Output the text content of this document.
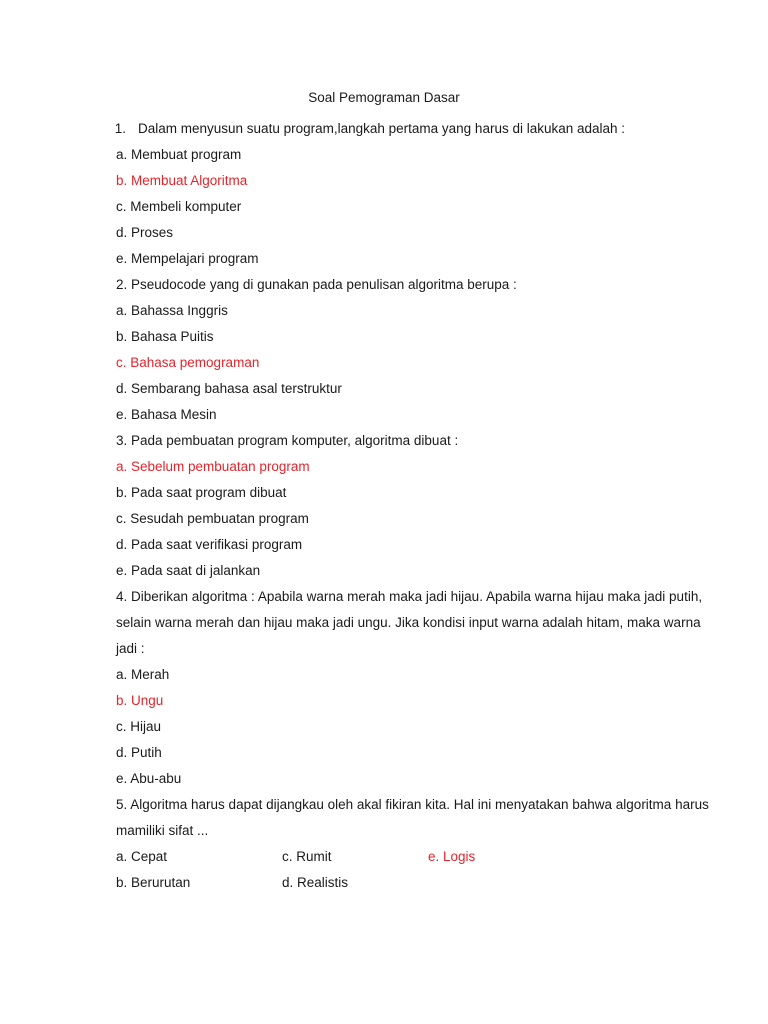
Soal Pemograman Dasar
1. Dalam menyusun suatu program,langkah pertama yang harus di lakukan adalah :
a. Membuat program
b. Membuat Algoritma
c. Membeli komputer
d. Proses
e. Mempelajari program
2. Pseudocode yang di gunakan pada penulisan algoritma berupa :
a. Bahassa Inggris
b. Bahasa Puitis
c. Bahasa pemograman
d. Sembarang bahasa asal terstruktur
e. Bahasa Mesin
3. Pada pembuatan program komputer, algoritma dibuat :
a. Sebelum pembuatan program
b. Pada saat program dibuat
c. Sesudah pembuatan program
d. Pada saat verifikasi program
e. Pada saat di jalankan
4. Diberikan algoritma : Apabila warna merah maka jadi hijau. Apabila warna hijau maka jadi putih,
selain warna merah dan hijau maka jadi ungu. Jika kondisi input warna adalah hitam, maka warna
jadi :
a. Merah
b. Ungu
c. Hijau
d. Putih
e. Abu-abu
5. Algoritma harus dapat dijangkau oleh akal fikiran kita. Hal ini menyatakan bahwa algoritma harus
mamiliki sifat ...
a. Cepat	c. Rumit	e. Logis
b. Berurutan	d. Realistis
